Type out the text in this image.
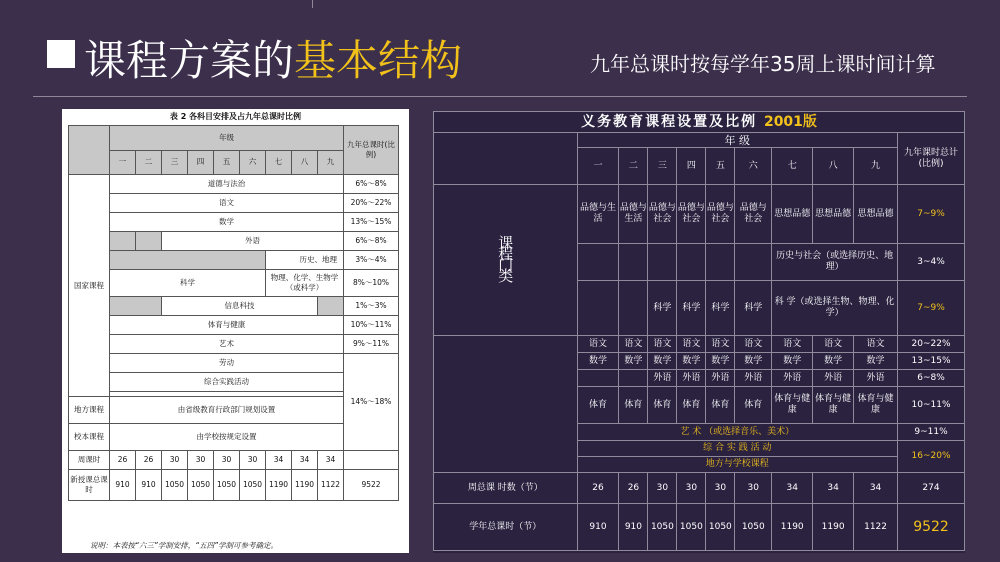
课程方案的基本结构	九年总课时按每学年35周上课时间计算
表 2 各科目安排及占九年总课时比例
	年级									九年总课时(比例)
	一	二	三	四	五	六	七	八	九	
国家课程	道德与法治									6%～8%
	语文									20%～22%
	数学									13%～15%
			外语							6%～8%
							历史、地理			3%～4%
	科学						物理、化学、生物学（或科学）			8%～10%
			信息科技							1%～3%
	体育与健康									10%～11%
	艺术									9%～11%
	劳动									14%～18%
	综合实践活动									

地方课程	由省级教育行政部门规划设置									
校本课程	由学校按规定设置									
周课时	26	26	30	30	30	30	34	34	34	
新授课总课时	910	910	1050	1050	1050	1050	1190	1190	1122	9522
说明：本表按“六三”学制安排，“五四”学制可参考确定。
义务教育课程设置及比例 2001版										
	年 级									九年课时总计(比例)
	一	二	三	四	五	六	七	八	九	

课程门类	品德与生活	品德与生活	品德与社会	品德与社会	品德与社会	品德与社会	思想品德	思想品德	思想品德	7~9%
							历史与社会（或选择历史、地理）			3~4%
			科学	科学	科学	科学	科 学（或选择生物、物理、化学）			7~9%
	语文	语文	语文	语文	语文	语文	语文	语文	语文	20~22%
	数学	数学	数学	数学	数学	数学	数学	数学	数学	13~15%
			外语	外语	外语	外语	外语	外语	外语	6~8%
	体育	体育	体育	体育	体育	体育	体育与健康	体育与健康	体育与健康	10~11%
	艺 术 （或选择音乐、美术）									9~11%
	综 合 实 践 活 动									16~20%
	地方与学校课程									
周总课 时数（节）	26	26	30	30	30	30	34	34	34	274
学年总课时（节）	910	910	1050	1050	1050	1050	1190	1190	1122	9522
